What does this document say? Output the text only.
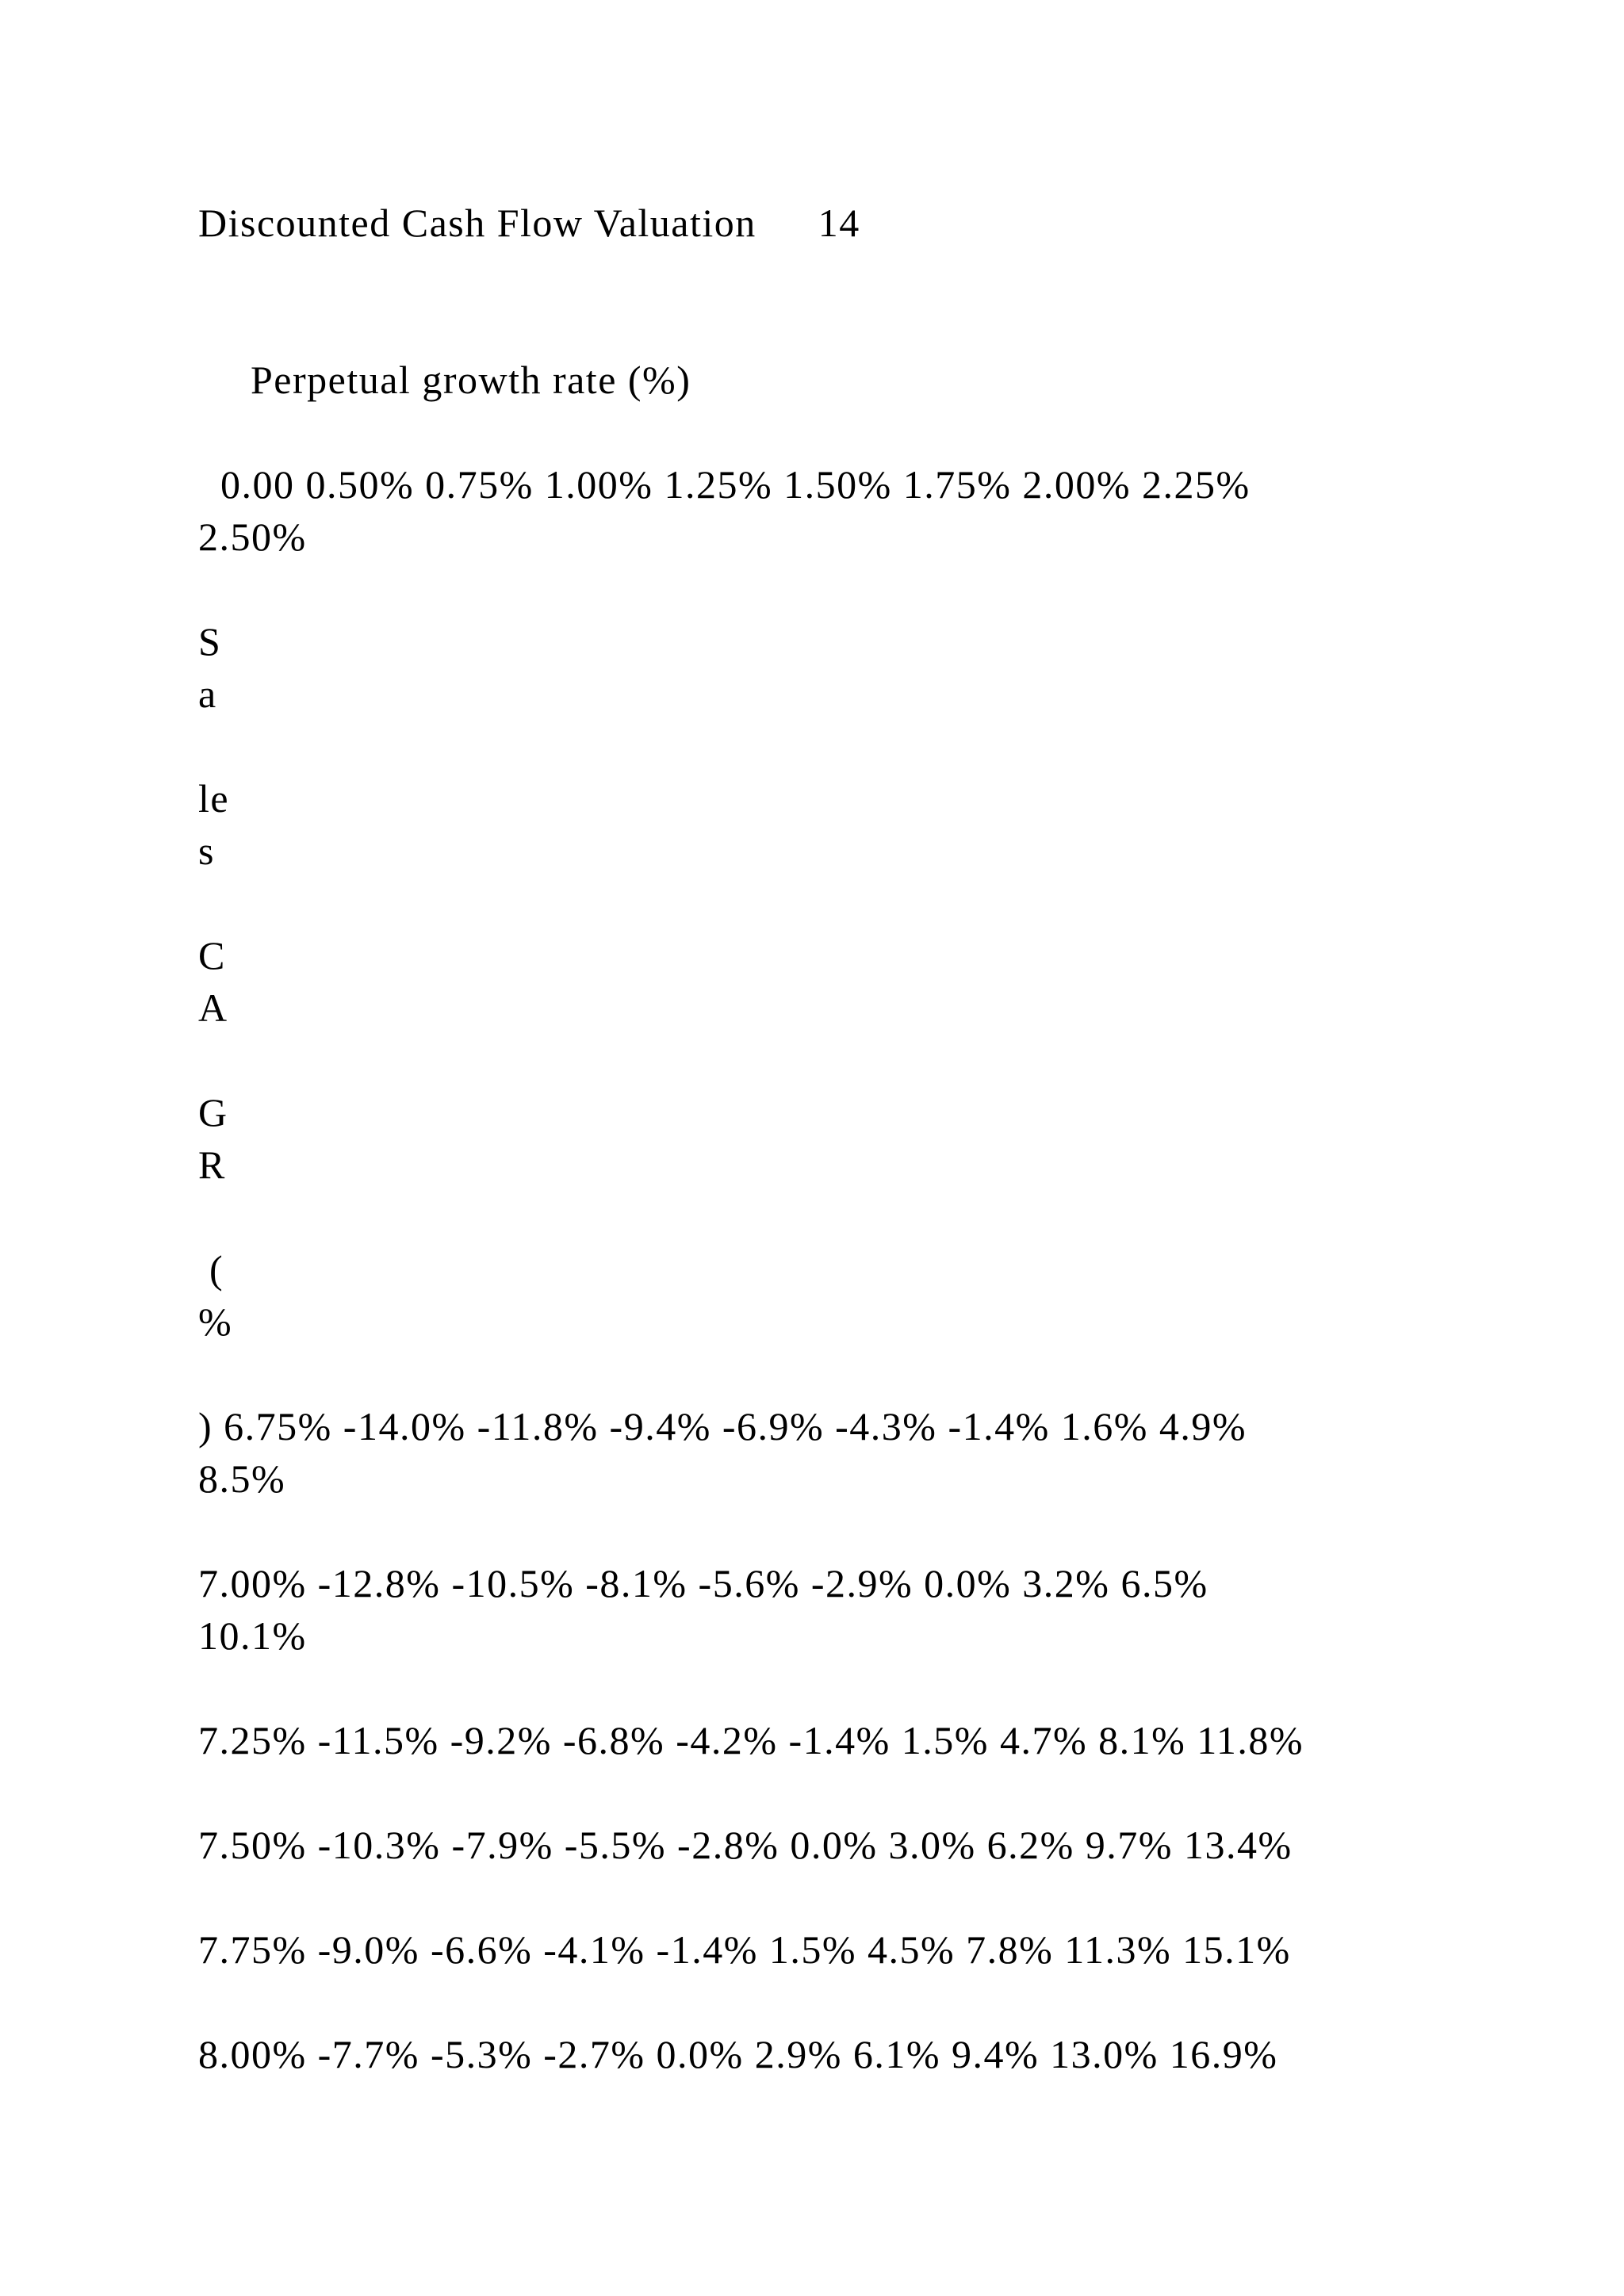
Discounted Cash Flow Valuation 14
Perpetual growth rate (%)
0.00 0.50% 0.75% 1.00% 1.25% 1.50% 1.75% 2.00% 2.25%
2.50%
S
a
le
s
C
A
G
R
(
%
) 6.75% -14.0% -11.8% -9.4% -6.9% -4.3% -1.4% 1.6% 4.9%
8.5%
7.00% -12.8% -10.5% -8.1% -5.6% -2.9% 0.0% 3.2% 6.5%
10.1%
7.25% -11.5% -9.2% -6.8% -4.2% -1.4% 1.5% 4.7% 8.1% 11.8%
7.50% -10.3% -7.9% -5.5% -2.8% 0.0% 3.0% 6.2% 9.7% 13.4%
7.75% -9.0% -6.6% -4.1% -1.4% 1.5% 4.5% 7.8% 11.3% 15.1%
8.00% -7.7% -5.3% -2.7% 0.0% 2.9% 6.1% 9.4% 13.0% 16.9%
